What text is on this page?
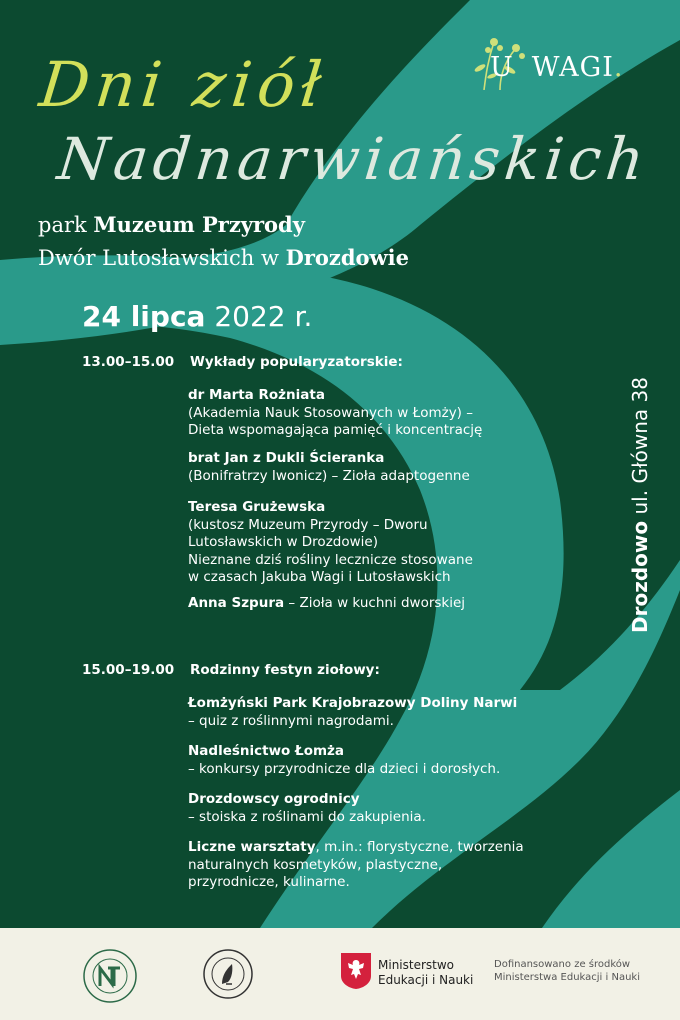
U WAGI.
Dni ziół
Nadnarwiańskich
park Muzeum Przyrody
Dwór Lutosławskich w Drozdowie
24 lipca 2022 r.
13.00–15.00 Wykłady popularyzatorskie:
dr Marta Rożniata
(Akademia Nauk Stosowanych w Łomży) –
Dieta wspomagająca pamięć i koncentrację
brat Jan z Dukli Ścieranka
(Bonifratrzy Iwonicz) – Zioła adaptogenne
Teresa Grużewska
(kustosz Muzeum Przyrody – Dworu
Lutosławskich w Drozdowie)
Nieznane dziś rośliny lecznicze stosowane
w czasach Jakuba Wagi i Lutosławskich
Anna Szpura – Zioła w kuchni dworskiej
15.00–19.00 Rodzinny festyn ziołowy:
Łomżyński Park Krajobrazowy Doliny Narwi
– quiz z roślinnymi nagrodami.
Nadleśnictwo Łomża
– konkursy przyrodnicze dla dzieci i dorosłych.
Drozdowscy ogrodnicy
– stoiska z roślinami do zakupienia.
Liczne warsztaty, m.in.: florystyczne, tworzenia
naturalnych kosmetyków, plastyczne,
przyrodnicze, kulinarne.
Drozdowo ul. Główna 38
Ministerstwo
Edukacji i Nauki
Dofinansowano ze środków
Ministerstwa Edukacji i Nauki
